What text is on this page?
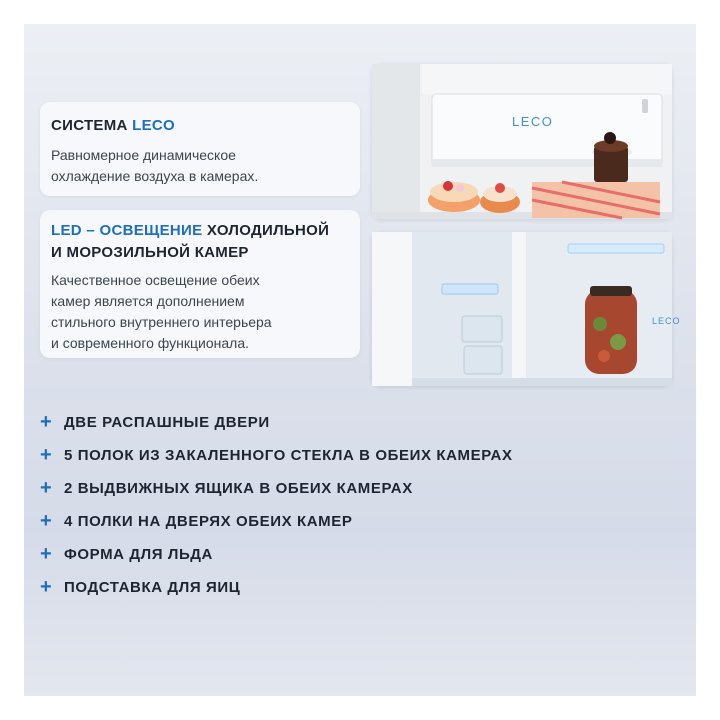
СИСТЕМА LECO
Равномерное динамическое
охлаждение воздуха в камерах.
LED – ОСВЕЩЕНИЕ ХОЛОДИЛЬНОЙ
И МОРОЗИЛЬНОЙ КАМЕР
Качественное освещение обеих
камер является дополнением
стильного внутреннего интерьера
и современного функционала.
LECO
LECO
+ ДВЕ РАСПАШНЫЕ ДВЕРИ
+ 5 ПОЛОК ИЗ ЗАКАЛЕННОГО СТЕКЛА В ОБЕИХ КАМЕРАХ
+ 2 ВЫДВИЖНЫХ ЯЩИКА В ОБЕИХ КАМЕРАХ
+ 4 ПОЛКИ НА ДВЕРЯХ ОБЕИХ КАМЕР
+ ФОРМА ДЛЯ ЛЬДА
+ ПОДСТАВКА ДЛЯ ЯИЦ
